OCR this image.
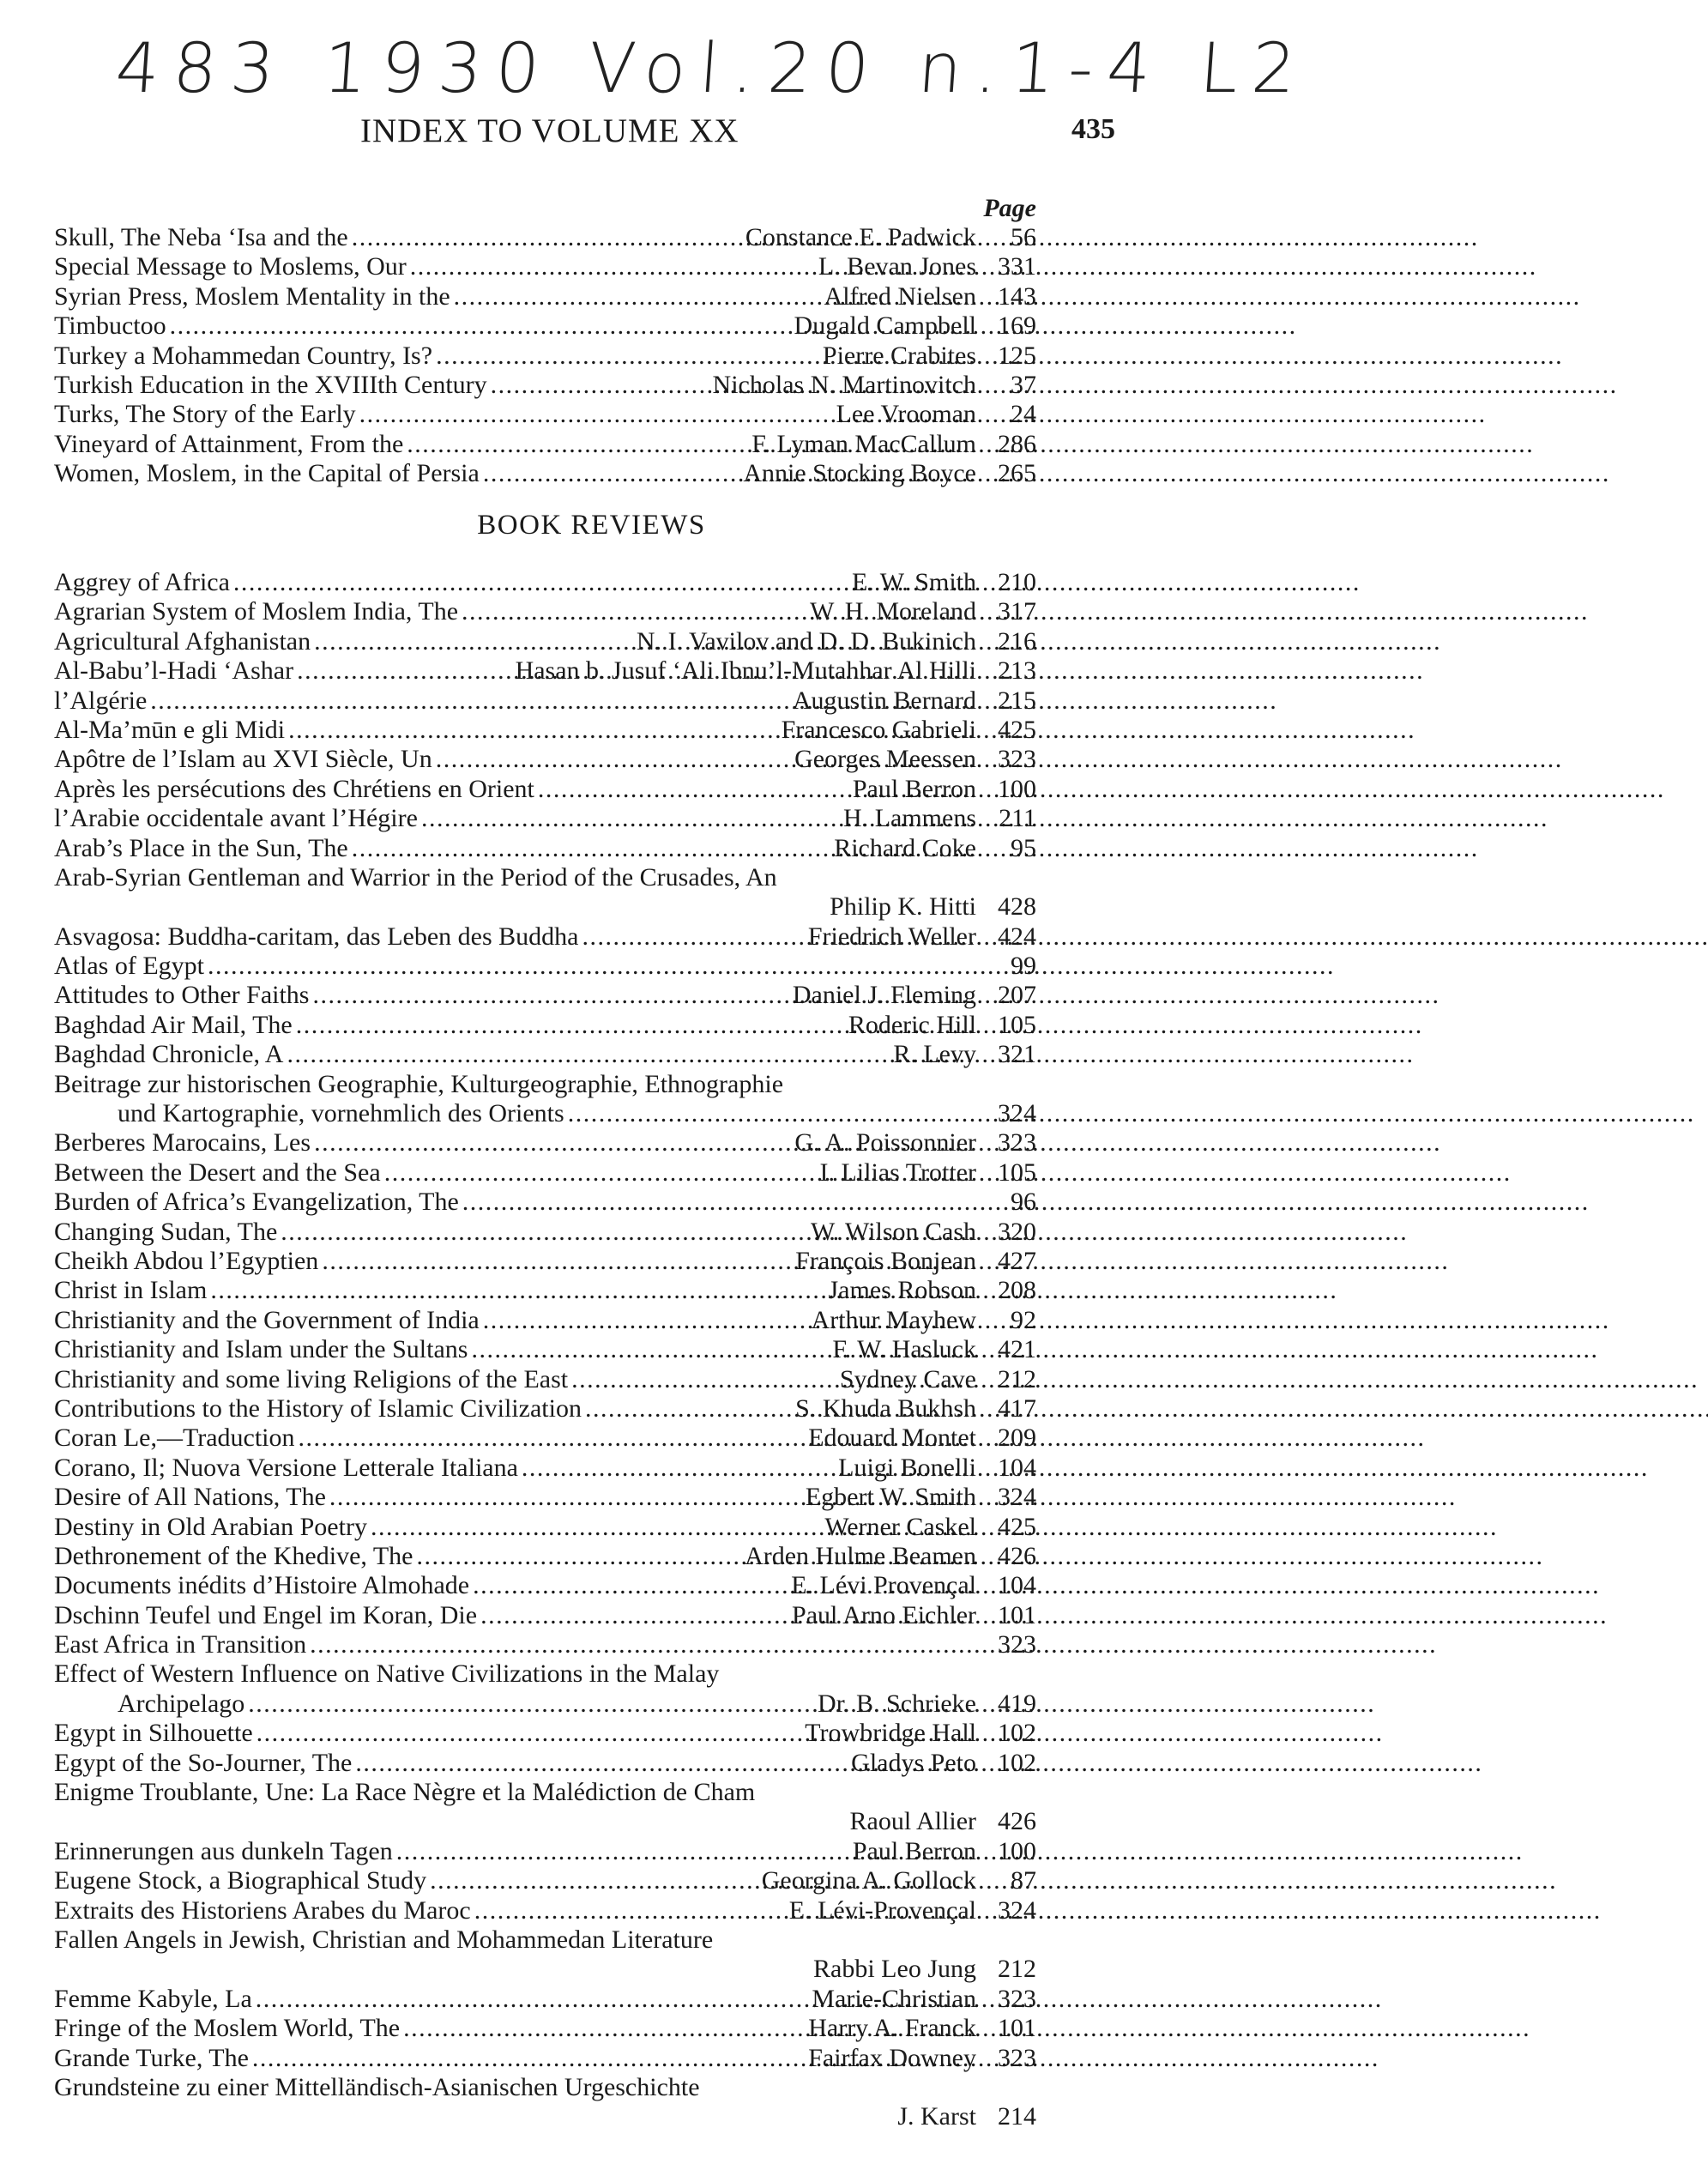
483 1930 Vol.20 n.1-4 L2
INDEX TO VOLUME XX	435
Page
Skull, The Neba ‘Isa and the . . .	Constance E. Padwick	56
Special Message to Moslems, Our . . .	L. Bevan Jones 331
Syrian Press, Moslem Mentality in the . . .	Alfred Nielsen 143
Timbuctoo . . .	Dugald Campbell 169
Turkey a Mohammedan Country, Is? . . .	Pierre Crabites 125
Turkish Education in the XVIIIth Century . . .	Nicholas N. Martinovitch	37
Turks, The Story of the Early . . .	Lee Vrooman	24
Vineyard of Attainment, From the . . .	F. Lyman MacCallum 286
Women, Moslem, in the Capital of Persia . . .	Annie Stocking Boyce 265
BOOK REVIEWS
Aggrey of Africa . . .	E. W. Smith 210
Agrarian System of Moslem India, The . . .	W. H. Moreland 317
Agricultural Afghanistan . . .	N. I. Vavilov and D. D. Bukinich 216
Al-Babu’l-Hadi ‘Ashar . . .	Hasan b. Jusuf ‘Ali Ibnu’l-Mutahhar Al Hilli 213
l’Algérie . . .	Augustin Bernard 215
Al-Ma’mūn e gli Midi . . .	Francesco Gabrieli 425
Apôtre de l’Islam au XVI Siècle, Un . . .	Georges Meessen 323
Après les persécutions des Chrétiens en Orient . . .	Paul Berron 100
l’Arabie occidentale avant l’Hégire . . .	H. Lammens 211
Arab’s Place in the Sun, The . . .	Richard Coke	95
Arab-Syrian Gentleman and Warrior in the Period of the Crusades, An
Philip K. Hitti 428
Asvagosa: Buddha-caritam, das Leben des Buddha . . .	Friedrich Weller 424
Atlas of Egypt . . .	99
Attitudes to Other Faiths . . .	Daniel J. Fleming 207
Baghdad Air Mail, The . . .	Roderic Hill 105
Baghdad Chronicle, A . . .	R. Levy 321
Beitrage zur historischen Geographie, Kulturgeographie, Ethnographie
und Kartographie, vornehmlich des Orients . . .	324
Berberes Marocains, Les . . .	G. A. Poissonnier 323
Between the Desert and the Sea . . .	I. Lilias Trotter 105
Burden of Africa’s Evangelization, The . . .	96
Changing Sudan, The . . .	W. Wilson Cash 320
Cheikh Abdou l’Egyptien . . .	François Bonjean 427
Christ in Islam . . .	James Robson 208
Christianity and the Government of India . . .	Arthur Mayhew	92
Christianity and Islam under the Sultans . . .	F. W. Hasluck 421
Christianity and some living Religions of the East . . .	Sydney Cave 212
Contributions to the History of Islamic Civilization . . .	S. Khuda Bukhsh 417
Coran Le,—Traduction . . .	Edouard Montet 209
Corano, Il; Nuova Versione Letterale Italiana . . .	Luigi Bonelli 104
Desire of All Nations, The . . .	Egbert W. Smith 324
Destiny in Old Arabian Poetry . . .	Werner Caskel 425
Dethronement of the Khedive, The . . .	Arden Hulme Beamen 426
Documents inédits d’Histoire Almohade . . .	E. Lévi Provençal 104
Dschinn Teufel und Engel im Koran, Die . . .	Paul Arno Eichler 101
East Africa in Transition . . .	323
Effect of Western Influence on Native Civilizations in the Malay
Archipelago . . .	Dr. B. Schrieke 419
Egypt in Silhouette . . .	Trowbridge Hall 102
Egypt of the So-Journer, The . . .	Gladys Peto 102
Enigme Troublante, Une: La Race Nègre et la Malédiction de Cham
Raoul Allier 426
Erinnerungen aus dunkeln Tagen . . .	Paul Berron 100
Eugene Stock, a Biographical Study . . .	Georgina A. Gollock	87
Extraits des Historiens Arabes du Maroc . . .	E. Lévi-Provençal 324
Fallen Angels in Jewish, Christian and Mohammedan Literature
Rabbi Leo Jung 212
Femme Kabyle, La . . .	Marie-Christian 323
Fringe of the Moslem World, The . . .	Harry A. Franck 101
Grande Turke, The . . .	Fairfax Downey 323
Grundsteine zu einer Mittelländisch-Asianischen Urgeschichte
J. Karst 214
